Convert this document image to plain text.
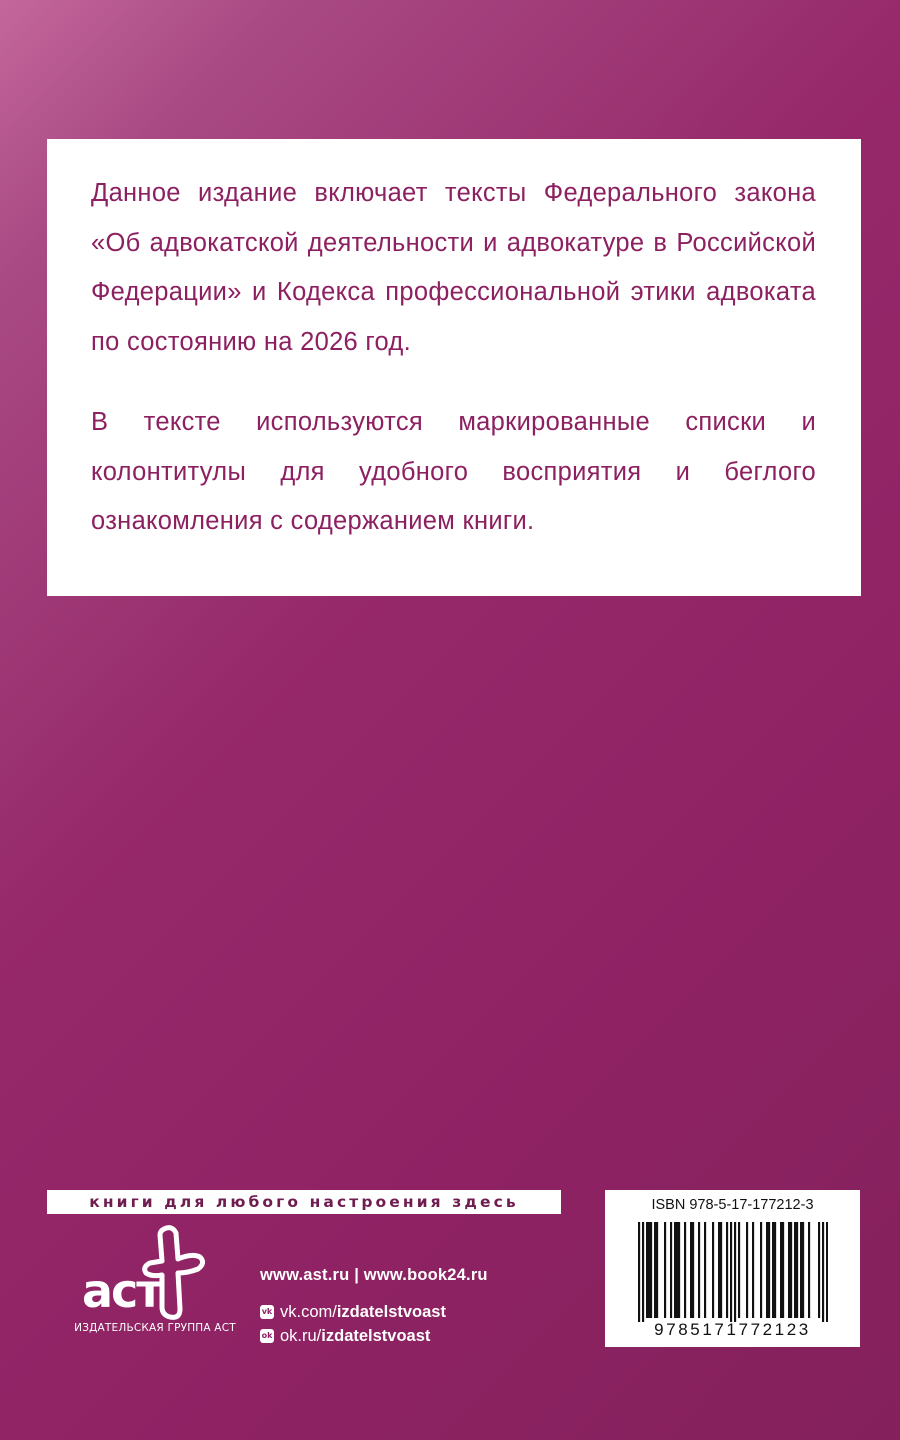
Данное издание включает тексты Федерального закона «Об адвокатской деятельности и адвокатуре в Российской Федерации» и Кодекса профессиональной этики адвоката по состоянию на 2026 год.

В тексте используются маркированные списки и колонтитулы для удобного восприятия и беглого ознакомления с содержанием книги.

книги для любого настроения здесь
аст
ИЗДАТЕЛЬСКАЯ ГРУППА АСТ
www.ast.ru | www.book24.ru
vk vk.com/ izdatelstvoast
ok ok.ru/ izdatelstvoast
ISBN 978-5-17-177212-3
9785171772123
